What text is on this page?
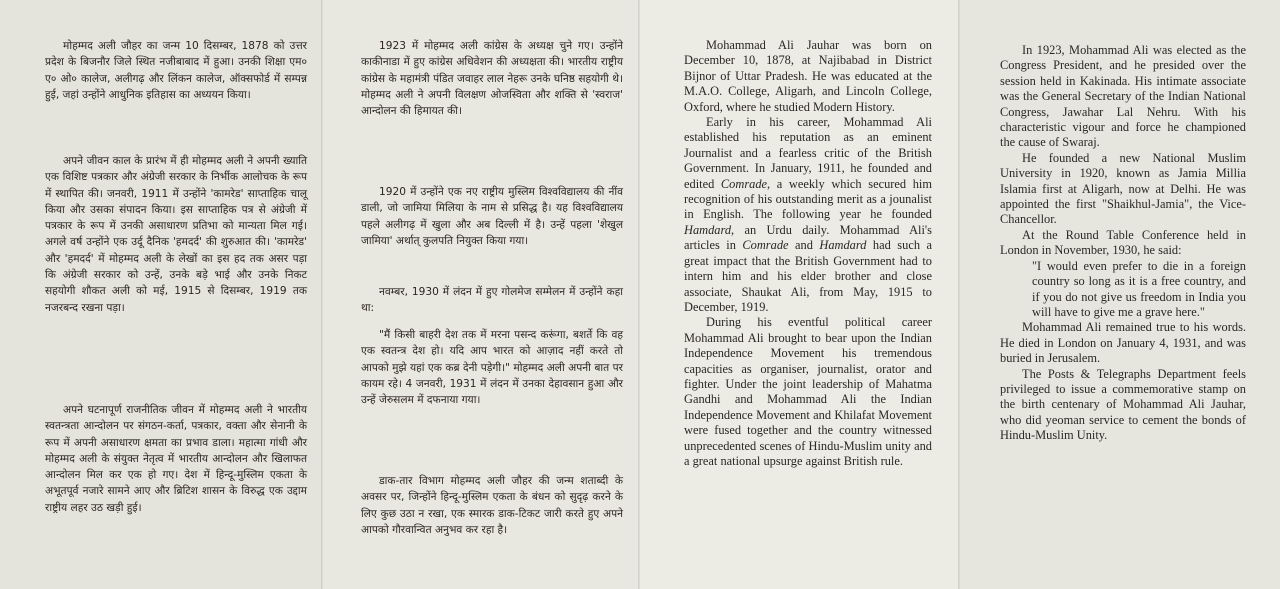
मोहम्मद अली जौहर का जन्म 10 दिसम्बर, 1878 को उत्तर प्रदेश के बिजनौर जिले स्थित नजीबाबाद में हुआ। उनकी शिक्षा एम० ए० ओ० कालेज, अलीगढ़ और लिंकन कालेज, ऑक्सफोर्ड में सम्पन्न हुई, जहां उन्होंने आधुनिक इतिहास का अध्ययन किया।
अपने जीवन काल के प्रारंभ में ही मोहम्मद अली ने अपनी ख्याति एक विशिष्ट पत्रकार और अंग्रेजी सरकार के निर्भीक आलोचक के रूप में स्थापित की। जनवरी, 1911 में उन्होंने 'कामरेड' साप्ताहिक चालू किया और उसका संपादन किया। इस साप्ताहिक पत्र से अंग्रेजी में पत्रकार के रूप में उनकी असाधारण प्रतिभा को मान्यता मिल गई। अगले वर्ष उन्होंने एक उर्दू दैनिक 'हमदर्द' की शुरुआत की। 'कामरेड' और 'हमदर्द' में मोहम्मद अली के लेखों का इस हद तक असर पड़ा कि अंग्रेजी सरकार को उन्हें, उनके बड़े भाई और उनके निकट सहयोगी शौकत अली को मई, 1915 से दिसम्बर, 1919 तक नजरबन्द रखना पड़ा।
अपने घटनापूर्ण राजनीतिक जीवन में मोहम्मद अली ने भारतीय स्वतन्त्रता आन्दोलन पर संगठन-कर्ता, पत्रकार, वक्ता और सेनानी के रूप में अपनी असाधारण क्षमता का प्रभाव डाला। महात्मा गांधी और मोहम्मद अली के संयुक्त नेतृत्व में भारतीय आन्दोलन और खिलाफत आन्दोलन मिल कर एक हो गए। देश में हिन्दू-मुस्लिम एकता के अभूतपूर्व नजारे सामने आए और ब्रिटिश शासन के विरुद्ध एक उद्दाम राष्ट्रीय लहर उठ खड़ी हुई।
1923 में मोहम्मद अली कांग्रेस के अध्यक्ष चुने गए। उन्होंने काकीनाडा में हुए कांग्रेस अधिवेशन की अध्यक्षता की। भारतीय राष्ट्रीय कांग्रेस के महामंत्री पंडित जवाहर लाल नेहरू उनके घनिष्ठ सहयोगी थे। मोहम्मद अली ने अपनी विलक्षण ओजस्विता और शक्ति से 'स्वराज' आन्दोलन की हिमायत की।
1920 में उन्होंने एक नए राष्ट्रीय मुस्लिम विश्वविद्यालय की नींव डाली, जो जामिया मिलिया के नाम से प्रसिद्ध है। यह विश्वविद्यालय पहले अलीगढ़ में खुला और अब दिल्ली में है। उन्हें पहला 'शेखुल जामिया' अर्थात् कुलपति नियुक्त किया गया।
नवम्बर, 1930 में लंदन में हुए गोलमेज सम्मेलन में उन्होंने कहा था:
"मैं किसी बाहरी देश तक में मरना पसन्द करूंगा, बशर्ते कि वह एक स्वतन्त्र देश हो। यदि आप भारत को आज़ाद नहीं करते तो आपको मुझे यहां एक कब्र देनी पड़ेगी।" मोहम्मद अली अपनी बात पर कायम रहे। 4 जनवरी, 1931 में लंदन में उनका देहावसान हुआ और उन्हें जेरुसलम में दफनाया गया।
डाक-तार विभाग मोहम्मद अली जौहर की जन्म शताब्दी के अवसर पर, जिन्होंने हिन्दू-मुस्लिम एकता के बंधन को सुदृढ़ करने के लिए कुछ उठा न रखा, एक स्मारक डाक-टिकट जारी करते हुए अपने आपको गौरवान्वित अनुभव कर रहा है।

Mohammad Ali Jauhar was born on December 10, 1878, at Najibabad in District Bijnor of Uttar Pradesh. He was educated at the M.A.O. College, Aligarh, and Lincoln College, Oxford, where he studied Modern History.

Early in his career, Mohammad Ali established his reputation as an eminent Journalist and a fearless critic of the British Government. In January, 1911, he founded and edited Comrade, a weekly which secured him recognition of his outstanding merit as a jounalist in English. The following year he founded Hamdard, an Urdu daily. Mohammad Ali's articles in Comrade and Hamdard had such a great impact that the British Government had to intern him and his elder brother and close associate, Shaukat Ali, from May, 1915 to December, 1919.

During his eventful political career Mohammad Ali brought to bear upon the Indian Independence Movement his tremendous capacities as organiser, journalist, orator and fighter. Under the joint leadership of Mahatma Gandhi and Mohammad Ali the Indian Independence Movement and Khilafat Movement were fused together and the country witnessed unprecedented scenes of Hindu-Muslim unity and a great national upsurge against British rule.

In 1923, Mohammad Ali was elected as the Congress President, and he presided over the session held in Kakinada. His intimate associate was the General Secretary of the Indian National Congress, Jawahar Lal Nehru. With his characteristic vigour and force he championed the cause of Swaraj.

He founded a new National Muslim University in 1920, known as Jamia Millia Islamia first at Aligarh, now at Delhi. He was appointed the first "Shaikhul-Jamia", the Vice-Chancellor.

At the Round Table Conference held in London in November, 1930, he said:

"I would even prefer to die in a foreign country so long as it is a free country, and if you do not give us freedom in India you will have to give me a grave here."

Mohammad Ali remained true to his words. He died in London on January 4, 1931, and was buried in Jerusalem.

The Posts & Telegraphs Department feels privileged to issue a commemorative stamp on the birth centenary of Mohammad Ali Jauhar, who did yeoman service to cement the bonds of Hindu-Muslim Unity.
